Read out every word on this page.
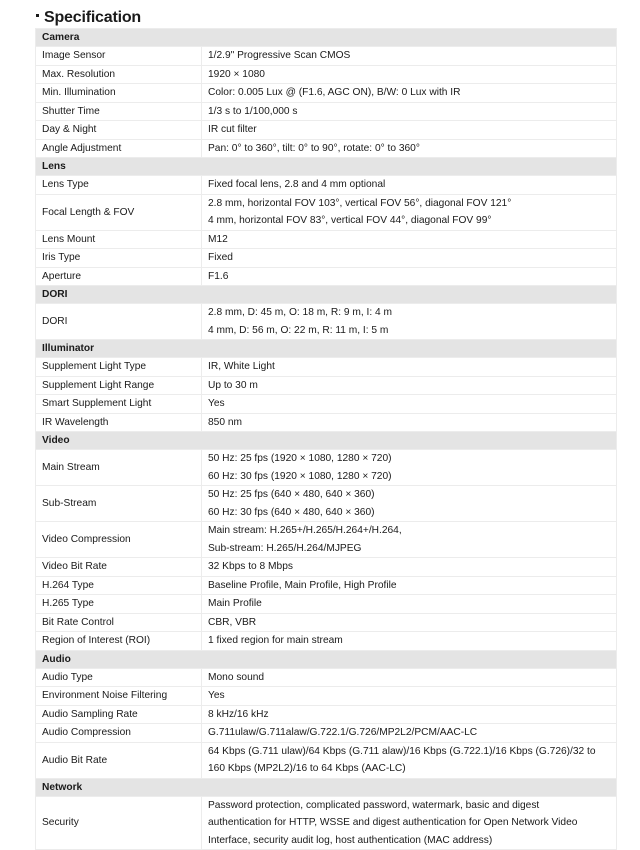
Specification
Camera	
Image Sensor	1/2.9" Progressive Scan CMOS

Max. Resolution	1920 × 1080

Min. Illumination	Color: 0.005 Lux @ (F1.6, AGC ON), B/W: 0 Lux with IR

Shutter Time	1/3 s to 1/100,000 s

Day & Night	IR cut filter

Angle Adjustment	Pan: 0° to 360°, tilt: 0° to 90°, rotate: 0° to 360°

Lens	
Lens Type	Fixed focal lens, 2.8 and 4 mm optional

Focal Length & FOV	2.8 mm, horizontal FOV 103°, vertical FOV 56°, diagonal FOV 121°
4 mm, horizontal FOV 83°, vertical FOV 44°, diagonal FOV 99°

Lens Mount	M12

Iris Type	Fixed

Aperture	F1.6

DORI	
DORI	2.8 mm, D: 45 m, O: 18 m, R: 9 m, I: 4 m
4 mm, D: 56 m, O: 22 m, R: 11 m, I: 5 m

Illuminator	
Supplement Light Type	IR, White Light

Supplement Light Range	Up to 30 m

Smart Supplement Light	Yes

IR Wavelength	850 nm

Video	
Main Stream	50 Hz: 25 fps (1920 × 1080, 1280 × 720)
60 Hz: 30 fps (1920 × 1080, 1280 × 720)

Sub-Stream	50 Hz: 25 fps (640 × 480, 640 × 360)
60 Hz: 30 fps (640 × 480, 640 × 360)

Video Compression	Main stream: H.265+/H.265/H.264+/H.264,
Sub-stream: H.265/H.264/MJPEG

Video Bit Rate	32 Kbps to 8 Mbps

H.264 Type	Baseline Profile, Main Profile, High Profile

H.265 Type	Main Profile

Bit Rate Control	CBR, VBR

Region of Interest (ROI)	1 fixed region for main stream

Audio	
Audio Type	Mono sound

Environment Noise Filtering	Yes

Audio Sampling Rate	8 kHz/16 kHz

Audio Compression	G.711ulaw/G.711alaw/G.722.1/G.726/MP2L2/PCM/AAC-LC

Audio Bit Rate	64 Kbps (G.711 ulaw)/64 Kbps (G.711 alaw)/16 Kbps (G.722.1)/16 Kbps (G.726)/32 to
160 Kbps (MP2L2)/16 to 64 Kbps (AAC-LC)

Network	
Security	Password protection, complicated password, watermark, basic and digest
authentication for HTTP, WSSE and digest authentication for Open Network Video
Interface, security audit log, host authentication (MAC address)
